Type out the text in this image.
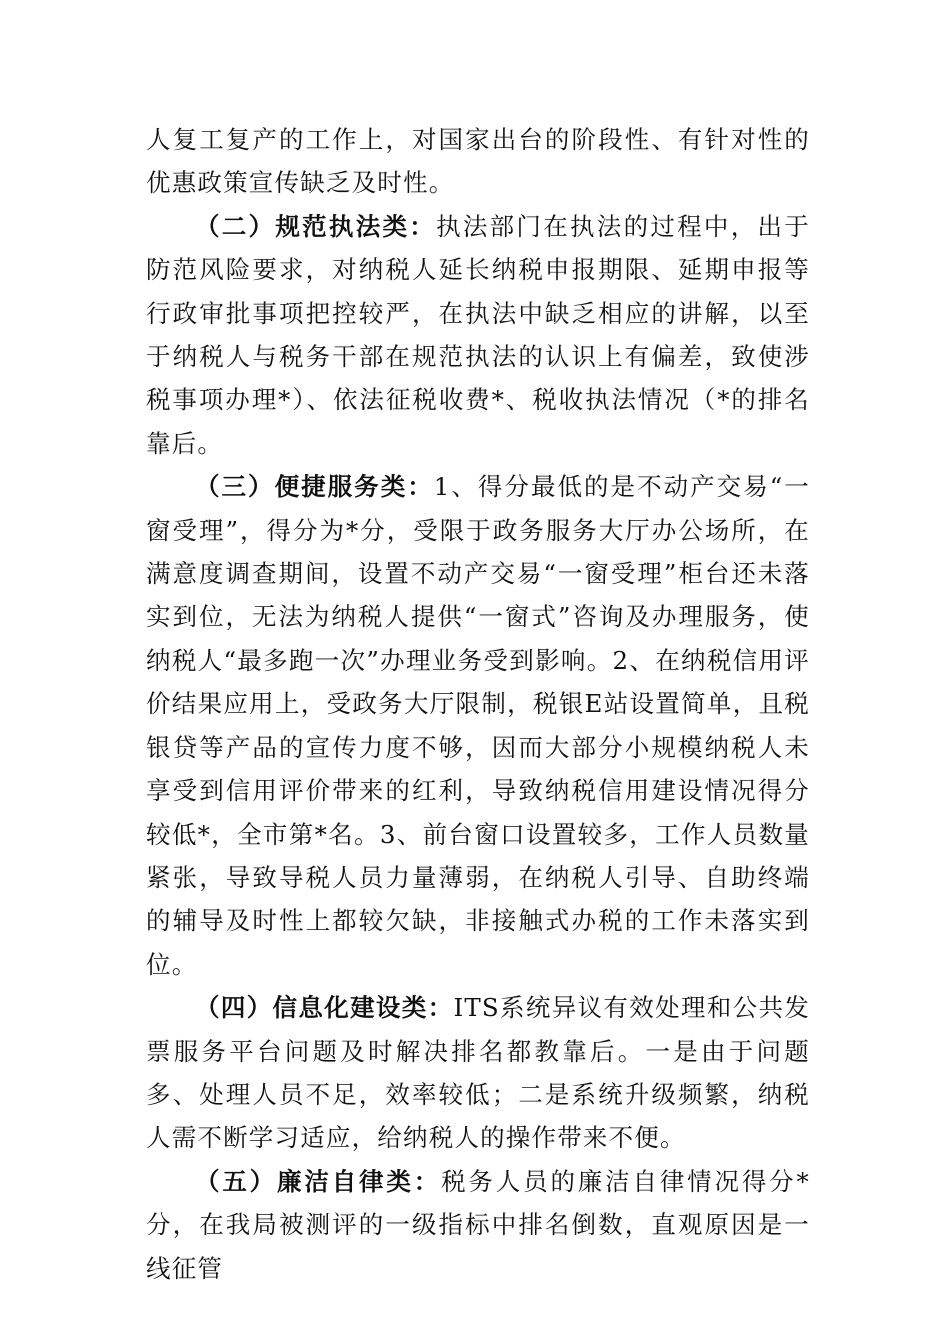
人复工复产的工作上，对国家出台的阶段性、有针对性的优惠政策宣传缺乏及时性。

（二）规范执法类：执法部门在执法的过程中，出于防范风险要求，对纳税人延长纳税申报期限、延期申报等行政审批事项把控较严，在执法中缺乏相应的讲解，以至于纳税人与税务干部在规范执法的认识上有偏差，致使涉税事项办理*）、依法征税收费*、税收执法情况（*的排名靠后。

（三）便捷服务类：1、得分最低的是不动产交易“一窗受理”，得分为*分，受限于政务服务大厅办公场所，在满意度调查期间，设置不动产交易“一窗受理”柜台还未落实到位，无法为纳税人提供“一窗式”咨询及办理服务，使纳税人“最多跑一次”办理业务受到影响。2、在纳税信用评价结果应用上，受政务大厅限制，税银E站设置简单，且税银贷等产品的宣传力度不够，因而大部分小规模纳税人未享受到信用评价带来的红利，导致纳税信用建设情况得分较低*，全市第*名。3、前台窗口设置较多，工作人员数量紧张，导致导税人员力量薄弱，在纳税人引导、自助终端的辅导及时性上都较欠缺，非接触式办税的工作未落实到位。

（四）信息化建设类：ITS系统异议有效处理和公共发票服务平台问题及时解决排名都教靠后。一是由于问题多、处理人员不足，效率较低；二是系统升级频繁，纳税人需不断学习适应，给纳税人的操作带来不便。

（五）廉洁自律类：税务人员的廉洁自律情况得分*分，在我局被测评的一级指标中排名倒数，直观原因是一线征管
